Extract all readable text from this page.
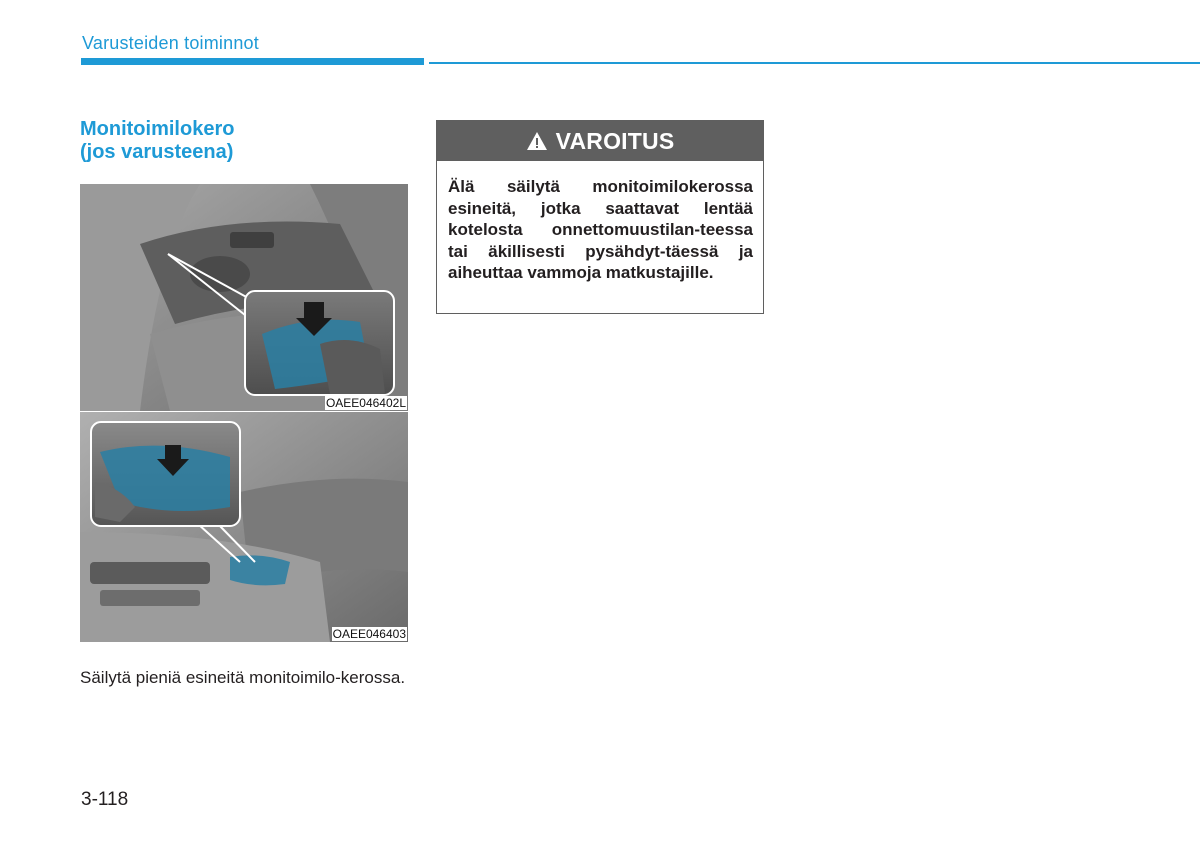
Varusteiden toiminnot
Monitoimilokero
(jos varusteena)
OAEE046402L
OAEE046403
Säilytä pieniä esineitä monitoimilo-kerossa.
VAROITUS
Älä säilytä monitoimilokerossa esineitä, jotka saattavat lentää kotelosta onnettomuustilan-teessa tai äkillisesti pysähdyt-täessä ja aiheuttaa vammoja matkustajille.
3-118
